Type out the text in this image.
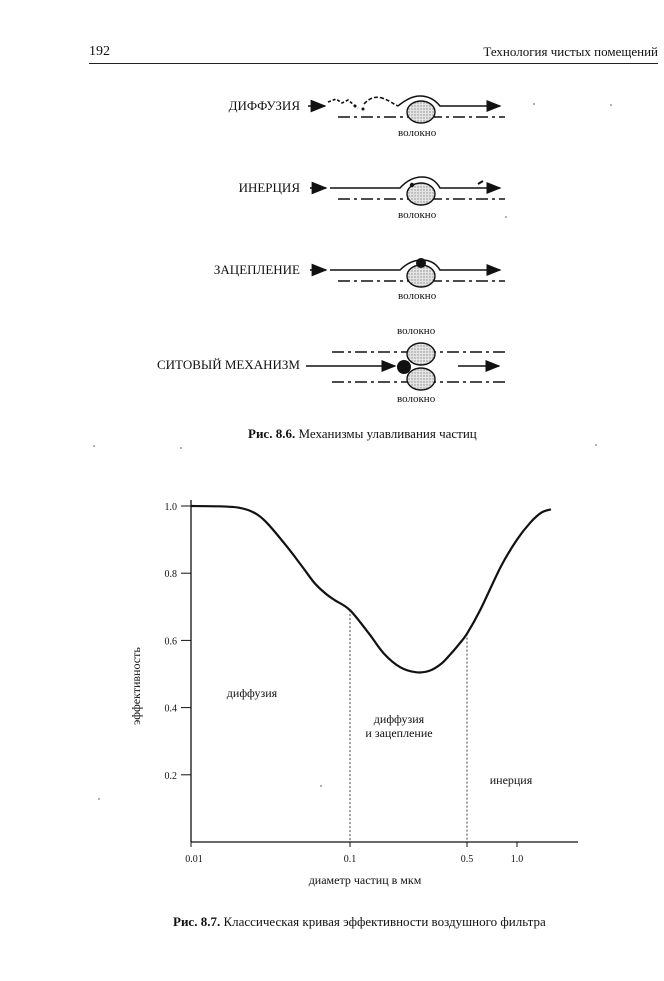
192	Технология чистых помещений
ДИФФУЗИЯ
ИНЕРЦИЯ
ЗАЦЕПЛЕНИЕ
СИТОВЫЙ МЕХАНИЗМ
волокно
волокно
волокно
волокно
волокно
Рис. 8.6. Механизмы улавливания частиц
0.2
0.4
0.6
0.8
1.0
0.01	0.1	0.5	1.0
диффузия
диффузия
и зацепление
инерция
диаметр частиц в мкм
эффективность
Рис. 8.7. Классическая кривая эффективности воздушного фильтра
